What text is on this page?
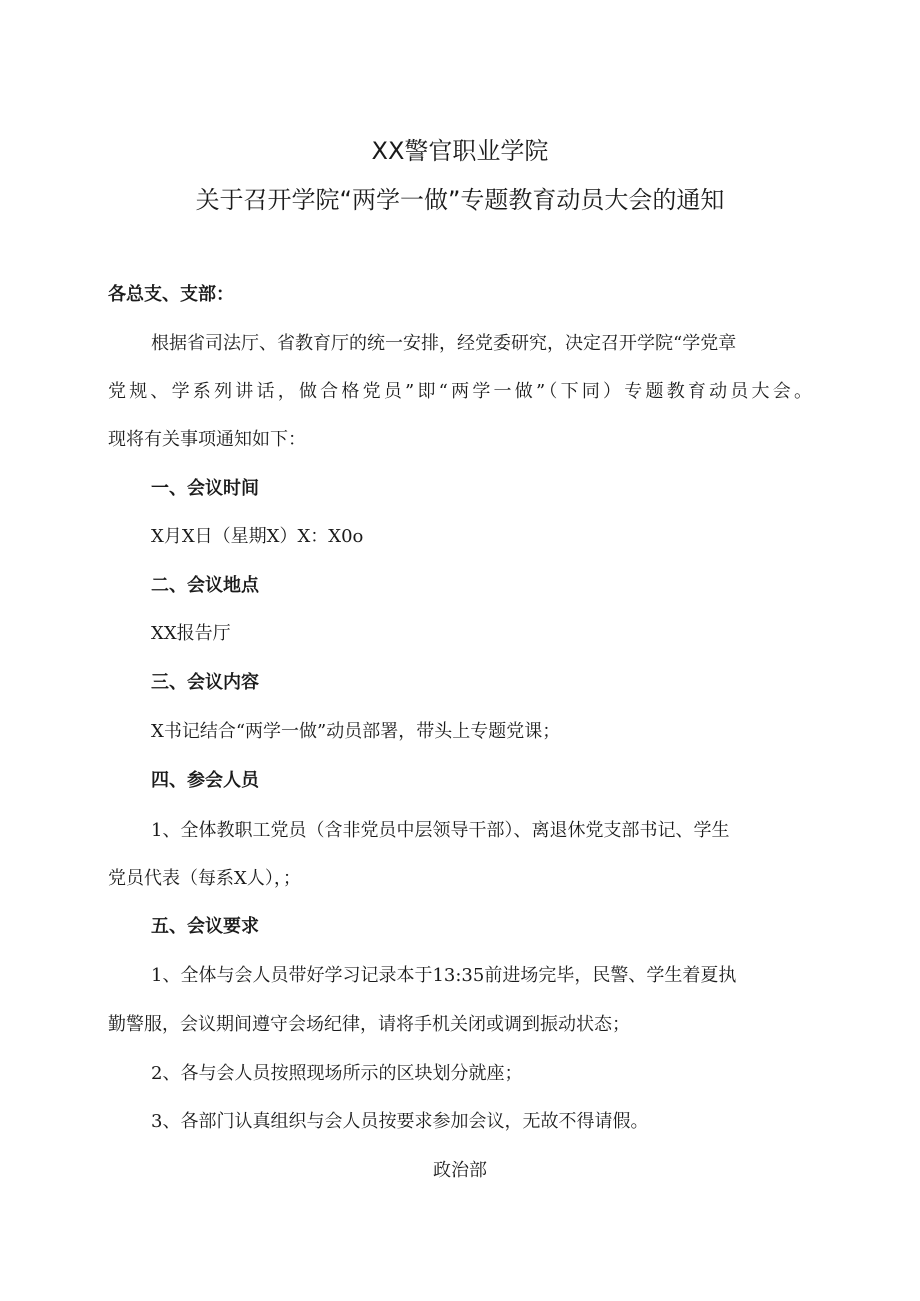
XX警官职业学院
关于召开学院“两学一做”专题教育动员大会的通知
各总支、支部：
根据省司法厅、省教育厅的统一安排，经党委研究，决定召开学院“学党章
党规、学系列讲话，做合格党员”即“两学一做”（下同）专题教育动员大会。
现将有关事项通知如下：
一、会议时间
X月X日（星期X）X：X0o
二、会议地点
XX报告厅
三、会议内容
X书记结合“两学一做”动员部署，带头上专题党课；
四、参会人员
1、全体教职工党员（含非党员中层领导干部）、离退休党支部书记、学生
党员代表（每系X人），；
五、会议要求
1、全体与会人员带好学习记录本于13:35前进场完毕，民警、学生着夏执
勤警服，会议期间遵守会场纪律，请将手机关闭或调到振动状态；
2、各与会人员按照现场所示的区块划分就座；
3、各部门认真组织与会人员按要求参加会议，无故不得请假。
政治部
